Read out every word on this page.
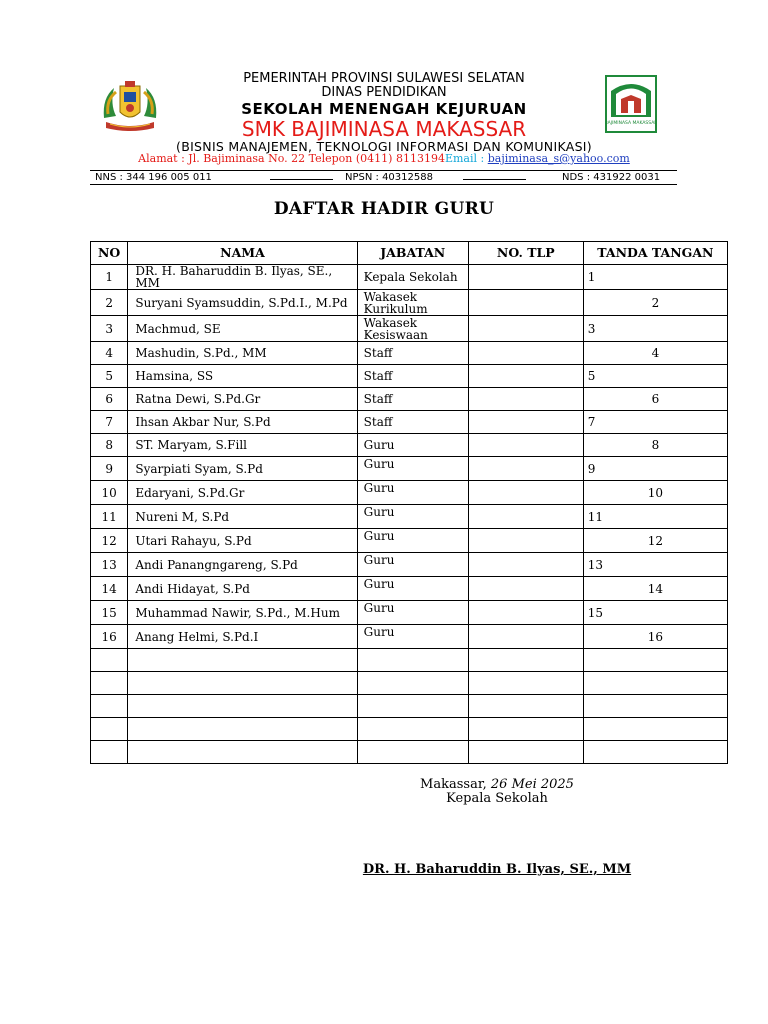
BAJIMINASA MAKASSAR
PEMERINTAH PROVINSI SULAWESI SELATAN
DINAS PENDIDIKAN
SEKOLAH MENENGAH KEJURUAN
SMK BAJIMINASA MAKASSAR
(BISNIS MANAJEMEN, TEKNOLOGI INFORMASI DAN KOMUNIKASI)
Alamat : Jl. Bajiminasa No. 22 Telepon (0411) 8113194Email : bajiminasa_s@yahoo.com
NNS : 344 196 005 011	NPSN : 40312588	NDS : 431922 0031
DAFTAR HADIR GURU
NO	NAMA	JABATAN	NO. TLP	TANDA TANGAN
1	DR. H. Baharuddin B. Ilyas, SE., MM	Kepala Sekolah		1
2	Suryani Syamsuddin, S.Pd.I., M.Pd	Wakasek Kurikulum		2
3	Machmud, SE	Wakasek Kesiswaan		3
4	Mashudin, S.Pd., MM	Staff		4
5	Hamsina, SS	Staff		5
6	Ratna Dewi, S.Pd.Gr	Staff		6
7	Ihsan Akbar Nur, S.Pd	Staff		7
8	ST. Maryam, S.Fill	Guru		8
9	Syarpiati Syam, S.Pd	Guru		9
10	Edaryani, S.Pd.Gr	Guru		10
11	Nureni M, S.Pd	Guru		11
12	Utari Rahayu, S.Pd	Guru		12
13	Andi Panangngareng, S.Pd	Guru		13
14	Andi Hidayat, S.Pd	Guru		14
15	Muhammad Nawir, S.Pd., M.Hum	Guru		15
16	Anang Helmi, S.Pd.I	Guru		16

Makassar, 26 Mei 2025
Kepala Sekolah
DR. H. Baharuddin B. Ilyas, SE., MM
